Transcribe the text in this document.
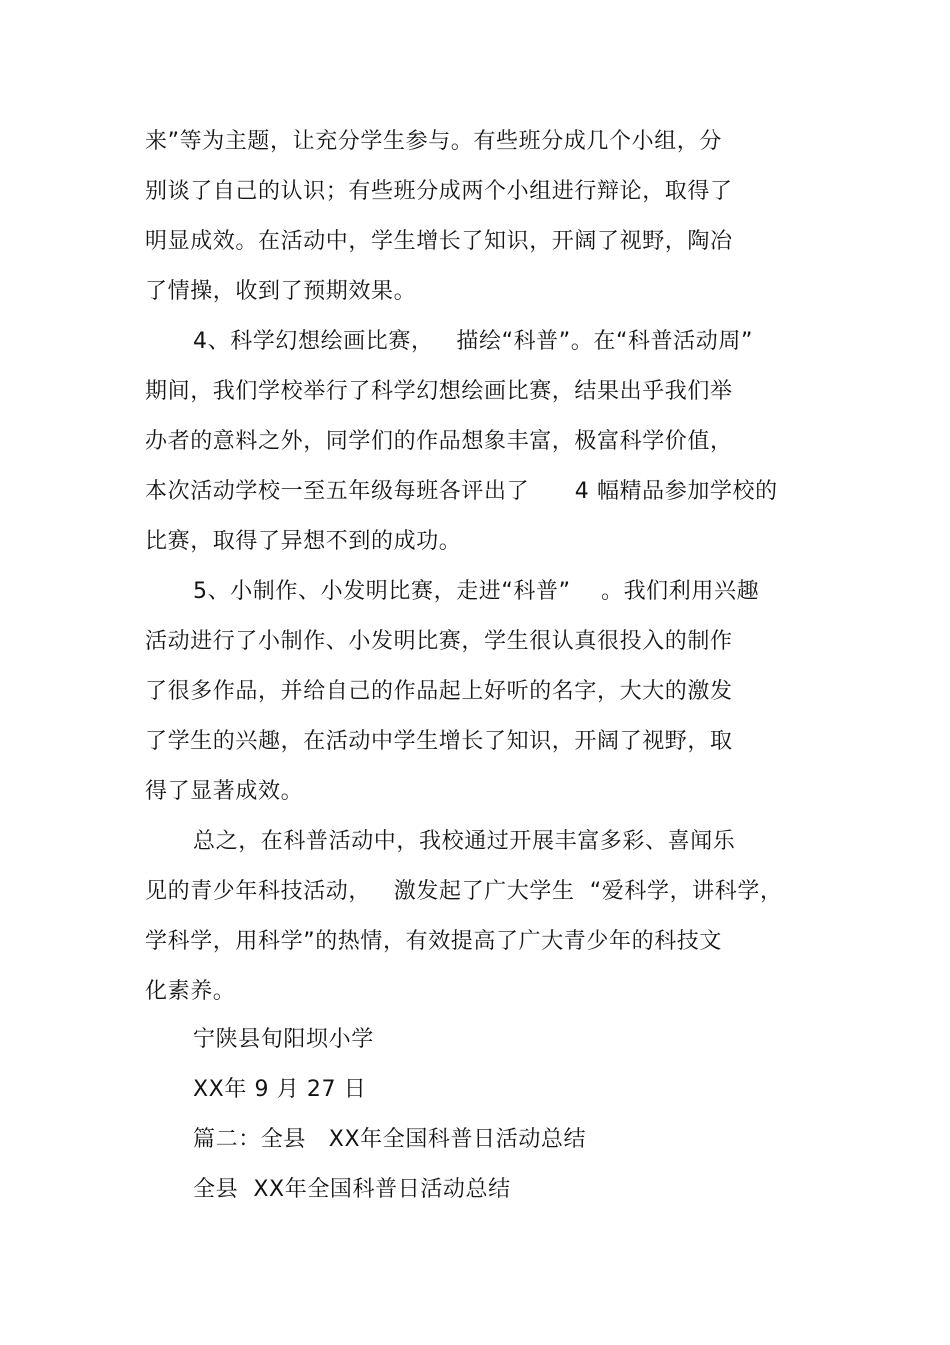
来”等为主题，让充分学生参与。有些班分成几个小组，分
别谈了自己的认识；有些班分成两个小组进行辩论，取得了
明显成效。在活动中，学生增长了知识，开阔了视野，陶冶
了情操，收到了预期效果。
4、科学幻想绘画比赛，   描绘“科普”。在“科普活动周”
期间，我们学校举行了科学幻想绘画比赛，结果出乎我们举
办者的意料之外，同学们的作品想象丰富，极富科学价值，
本次活动学校一至五年级每班各评出了      4 幅精品参加学校的
比赛，取得了异想不到的成功。
5、小制作、小发明比赛，走进“科普”    。我们利用兴趣
活动进行了小制作、小发明比赛，学生很认真很投入的制作
了很多作品，并给自己的作品起上好听的名字，大大的激发
了学生的兴趣，在活动中学生增长了知识，开阔了视野，取
得了显著成效。
总之，在科普活动中，我校通过开展丰富多彩、喜闻乐
见的青少年科技活动，   激发起了广大学生  “爱科学，讲科学，
学科学，用科学”的热情，有效提高了广大青少年的科技文
化素养。
宁陕县旬阳坝小学
XX年 9 月 27 日
篇二：全县   XX年全国科普日活动总结
全县  XX年全国科普日活动总结
